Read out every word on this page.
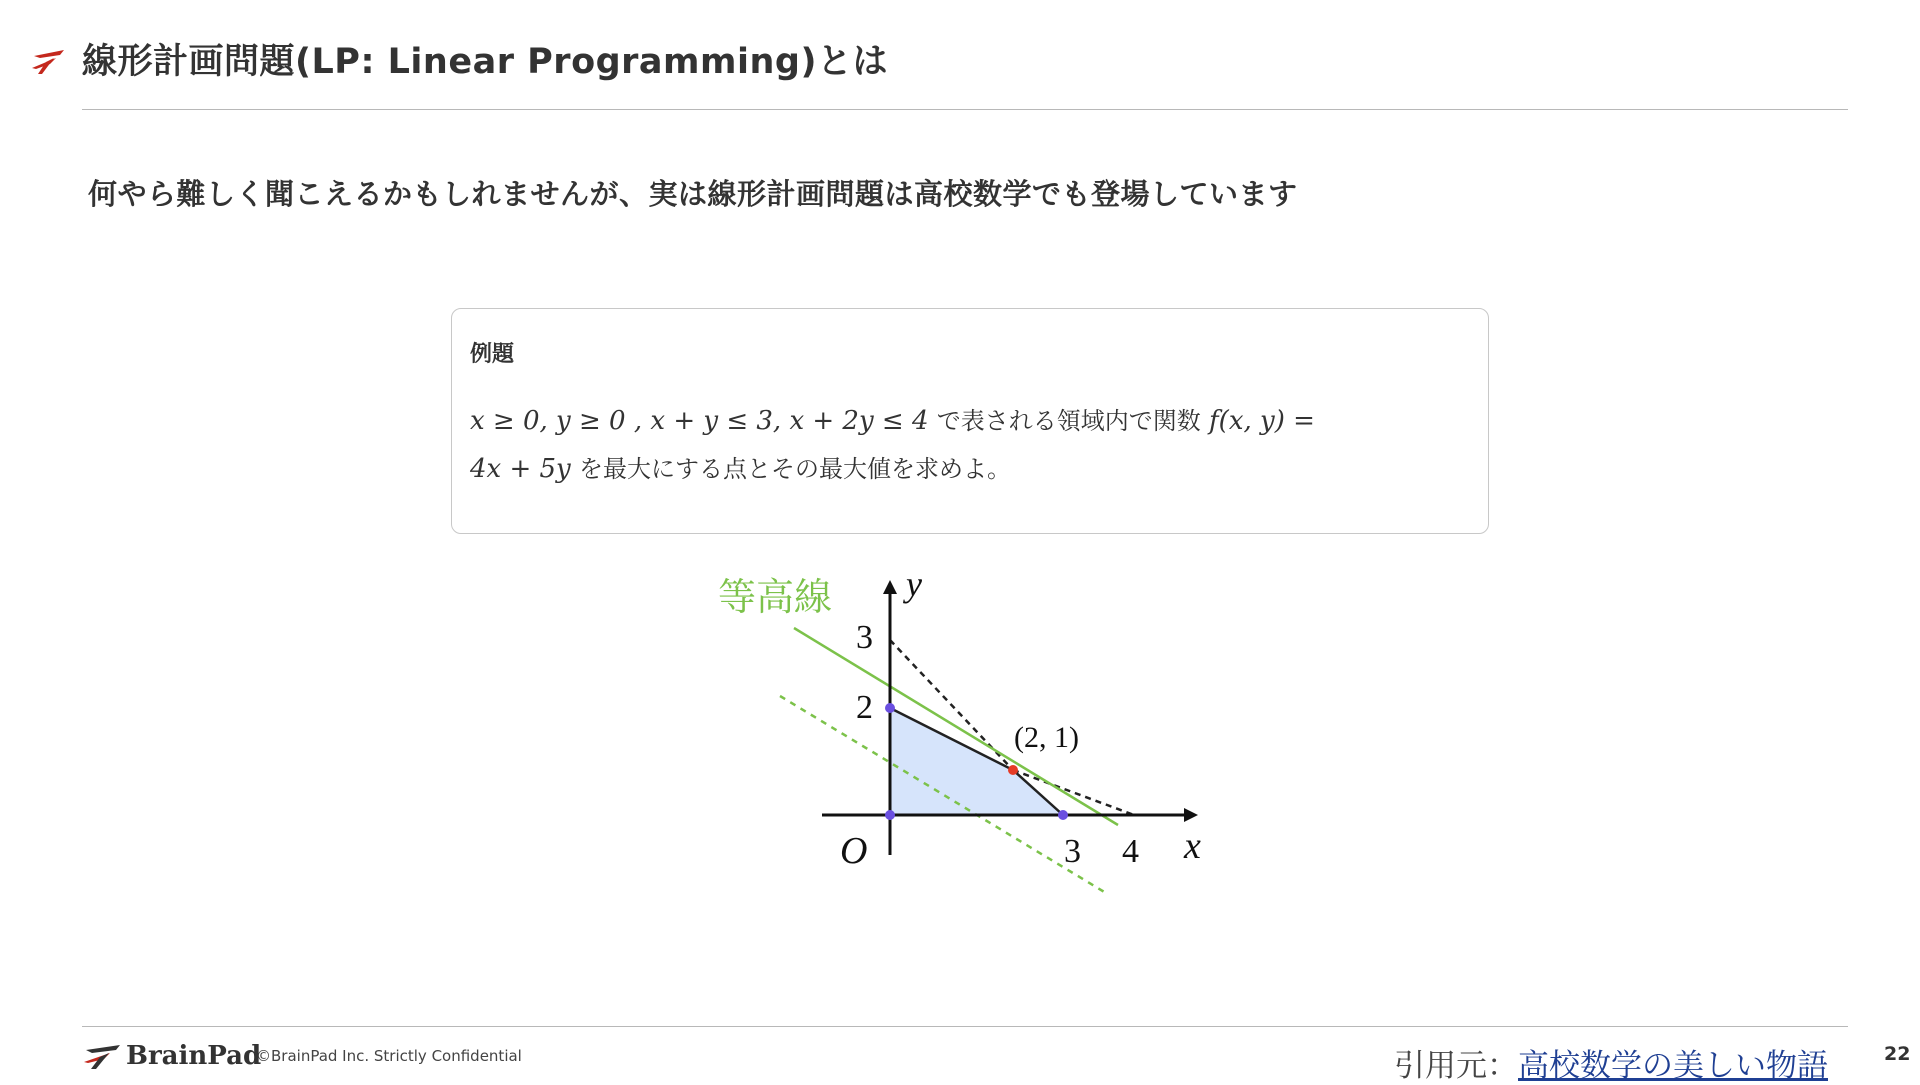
線形計画問題(LP: Linear Programming)とは
何やら難しく聞こえるかもしれませんが、実は線形計画問題は高校数学でも登場しています
例題
x ≥ 0, y ≥ 0 , x + y ≤ 3, x + 2y ≤ 4 で表される領域内で関数 f(x, y) =
4x + 5y を最大にする点とその最大値を求めよ。
等高線 y
3
2
(2, 1)
O	3 4 x
BrainPad
©BrainPad Inc. Strictly Confidential	引用元：高校数学の美しい物語	22
